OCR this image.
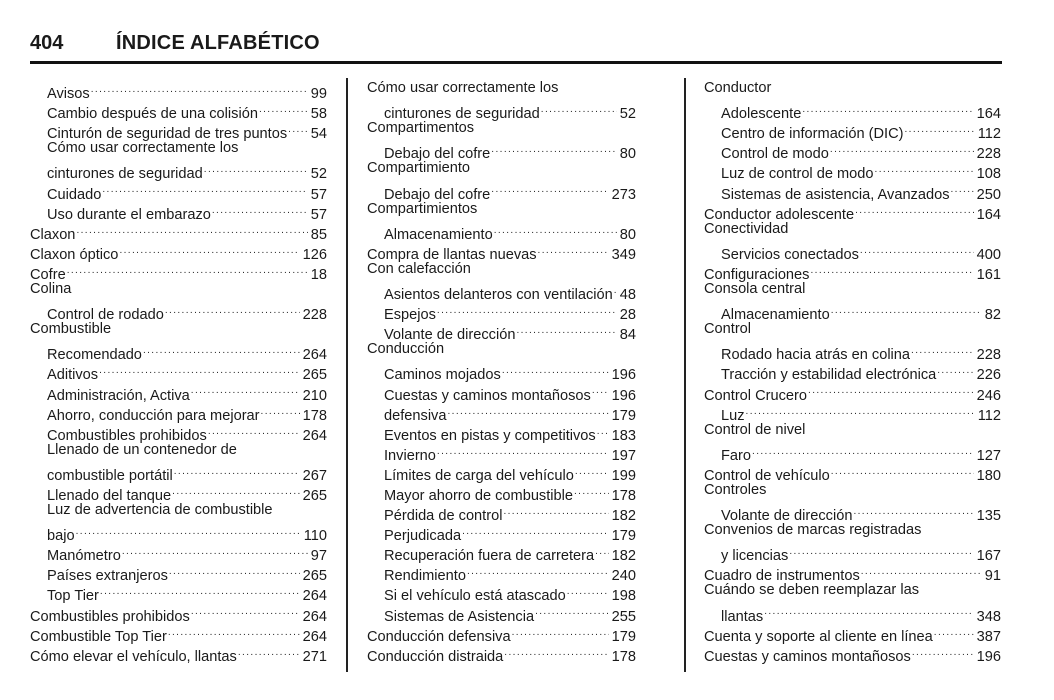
404	ÍNDICE ALFABÉTICO
Avisos .....	99
Cambio después de una colisión .....	58
Cinturón de seguridad de tres puntos ..... 54
Cómo usar correctamente los
cinturones de seguridad .....	52
Cuidado .....	57
Uso durante el embarazo .....	57
Claxon .....	85
Claxon óptico .....	126
Cofre .....	18
Colina
Control de rodado .....	228
Combustible
Recomendado .....	264
Aditivos .....	265
Administración, Activa .....	210
Ahorro, conducción para mejorar .....	178
Combustibles prohibidos .....	264
Llenado de un contenedor de
combustible portátil .....	267
Llenado del tanque .....	265
Luz de advertencia de combustible
bajo .....	110
Manómetro .....	97
Países extranjeros .....	265
Top Tier .....	264
Combustibles prohibidos .....	264
Combustible Top Tier .....	264
Cómo elevar el vehículo, llantas .....	271
Cómo usar correctamente los
cinturones de seguridad .....	52
Compartimentos
Debajo del cofre .....	80
Compartimiento
Debajo del cofre .....	273
Compartimientos
Almacenamiento .....	80
Compra de llantas nuevas .....	349
Con calefacción
Asientos delanteros con ventilación ..... 48
Espejos .....	28
Volante de dirección .....	84
Conducción
Caminos mojados .....	196
Cuestas y caminos montañosos ..... 196
defensiva .....	179
Eventos en pistas y competitivos ..... 183
Invierno .....	197
Límites de carga del vehículo .....	199
Mayor ahorro de combustible .....	178
Pérdida de control .....	182
Perjudicada .....	179
Recuperación fuera de carretera ..... 182
Rendimiento .....	240
Si el vehículo está atascado .....	198
Sistemas de Asistencia .....	255
Conducción defensiva .....	179
Conducción distraida .....	178
Conductor
Adolescente .....	164
Centro de información (DIC) .....	112
Control de modo .....	228
Luz de control de modo .....	108
Sistemas de asistencia, Avanzados ..... 250
Conductor adolescente .....	164
Conectividad
Servicios conectados .....	400
Configuraciones .....	161
Consola central
Almacenamiento .....	82
Control
Rodado hacia atrás en colina .....	228
Tracción y estabilidad electrónica .....	226
Control Crucero .....	246
Luz .....	112
Control de nivel
Faro .....	127
Control de vehículo .....	180
Controles
Volante de dirección .....	135
Convenios de marcas registradas
y licencias .....	167
Cuadro de instrumentos .....	91
Cuándo se deben reemplazar las
llantas .....	348
Cuenta y soporte al cliente en línea .....	387
Cuestas y caminos montañosos .....	196
